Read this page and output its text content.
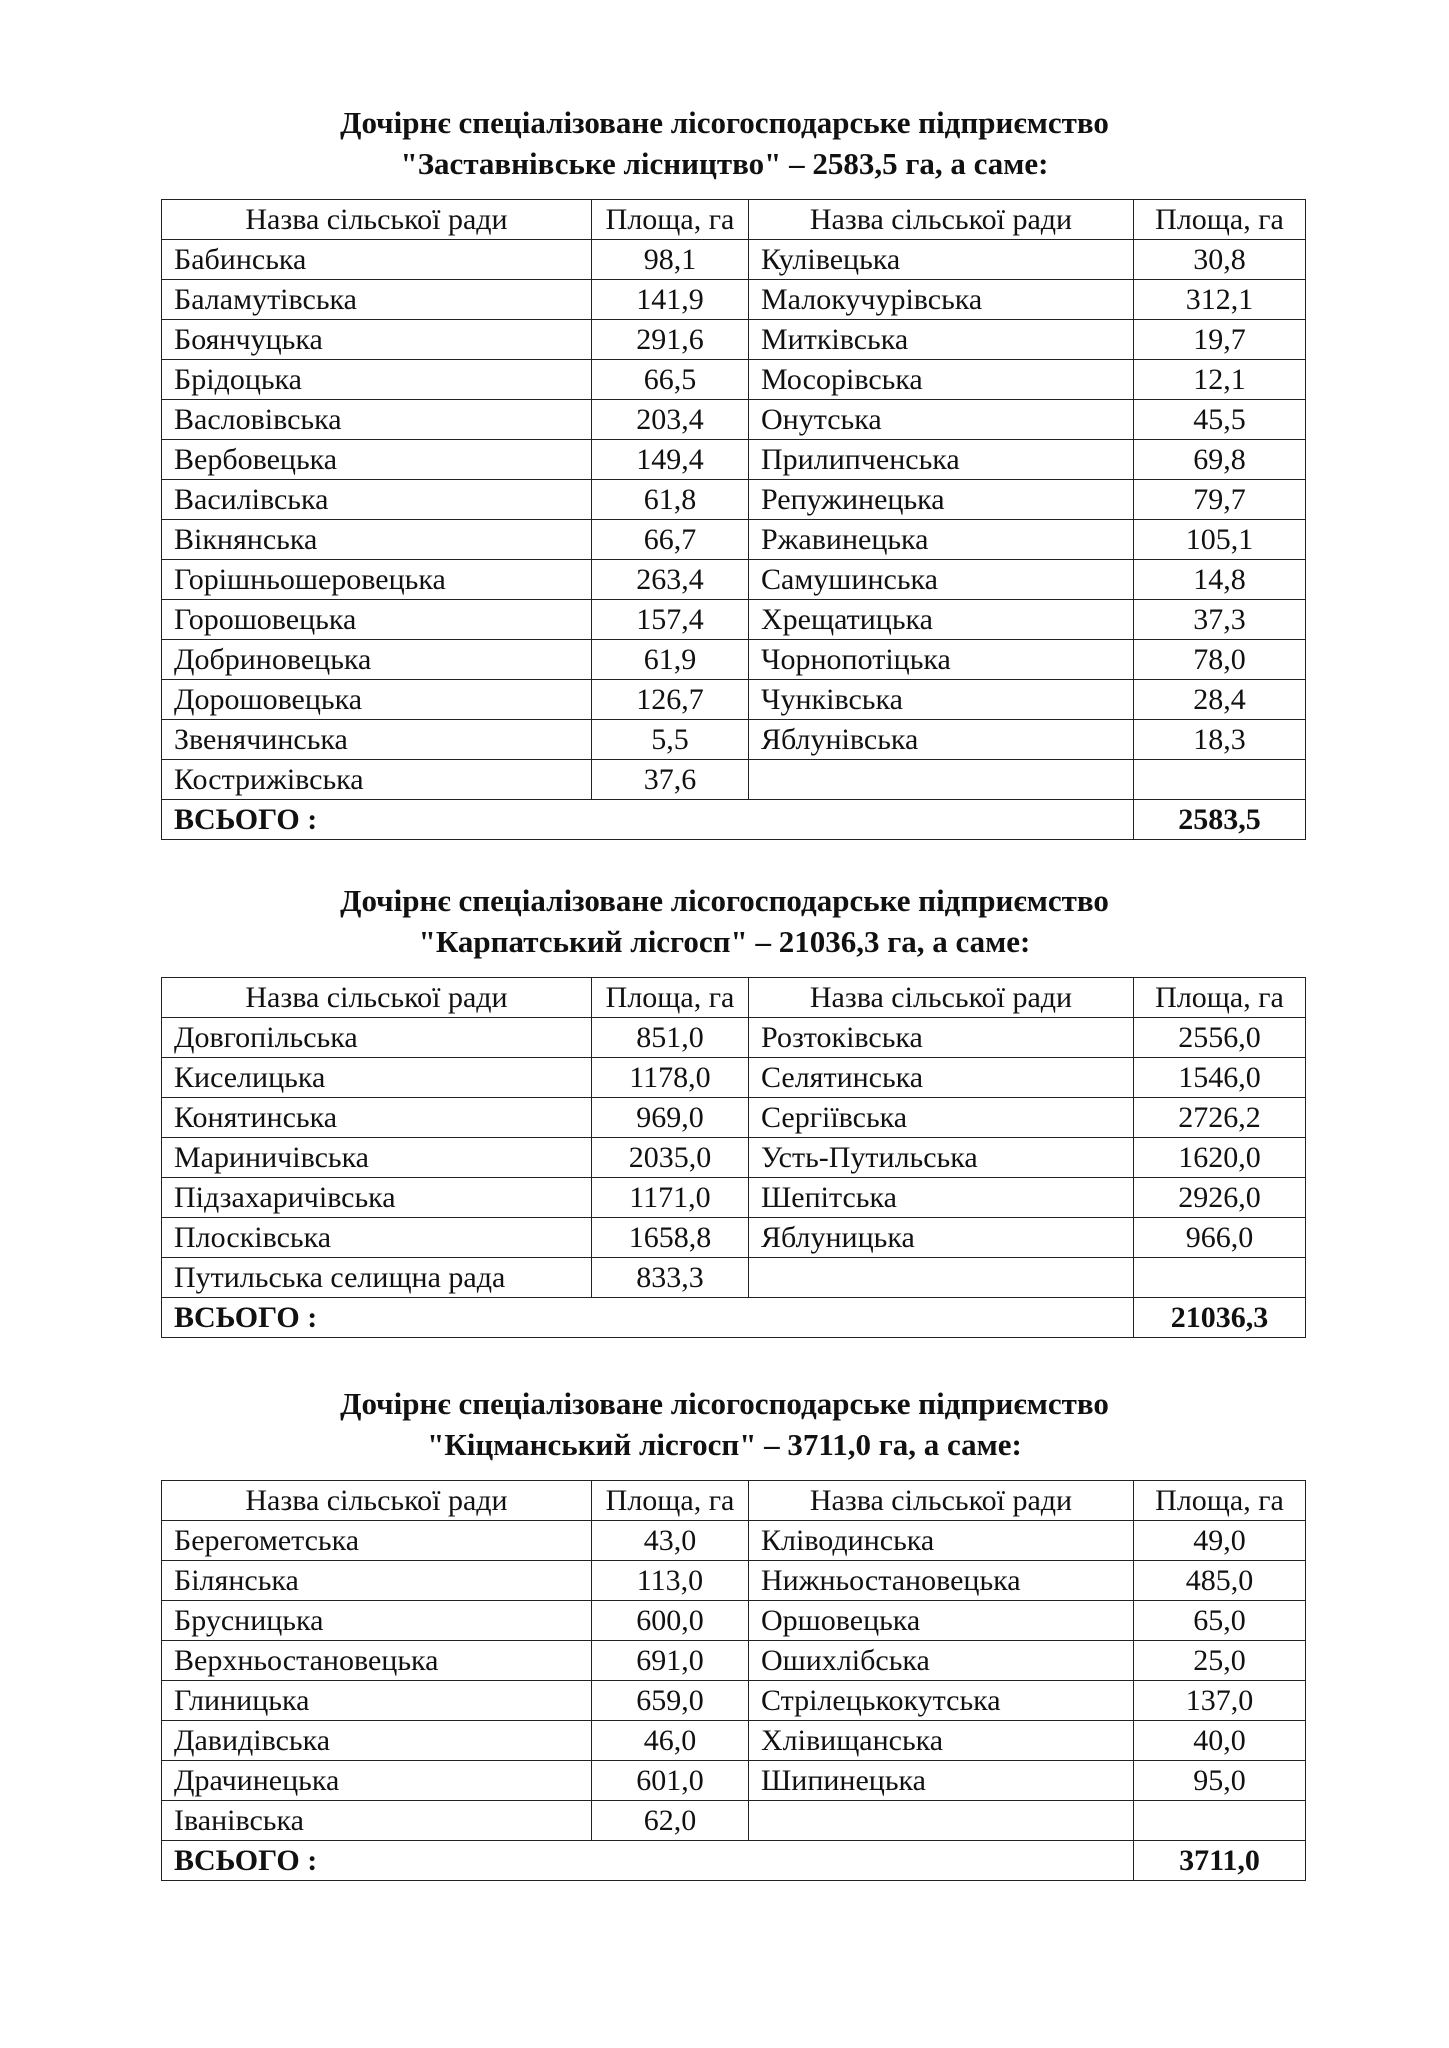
Дочірнє спеціалізоване лісогосподарське підприємство
"Заставнівське лісництво" – 2583,5 га, а саме:
Назва сільської ради	Площа, га	Назва сільської ради	Площа, га
Бабинська	98,1	Кулівецька	30,8
Баламутівська	141,9	Малокучурівська	312,1
Боянчуцька	291,6	Митківська	19,7
Брідоцька	66,5	Мосорівська	12,1
Васловівська	203,4	Онутська	45,5
Вербовецька	149,4	Прилипченська	69,8
Василівська	61,8	Репужинецька	79,7
Вікнянська	66,7	Ржавинецька	105,1
Горішньошеровецька	263,4	Самушинська	14,8
Горошовецька	157,4	Хрещатицька	37,3
Добриновецька	61,9	Чорнопотіцька	78,0
Дорошовецька	126,7	Чунківська	28,4
Звенячинська	5,5	Яблунівська	18,3
Кострижівська	37,6		
ВСЬОГО :			2583,5
Дочірнє спеціалізоване лісогосподарське підприємство
"Карпатський лісгосп" – 21036,3 га, а саме:
Назва сільської ради	Площа, га	Назва сільської ради	Площа, га
Довгопільська	851,0	Розтоківська	2556,0
Киселицька	1178,0	Селятинська	1546,0
Конятинська	969,0	Сергіївська	2726,2
Мариничівська	2035,0	Усть-Путильська	1620,0
Підзахаричівська	1171,0	Шепітська	2926,0
Плосківська	1658,8	Яблуницька	966,0
Путильська селищна рада	833,3		
ВСЬОГО :			21036,3
Дочірнє спеціалізоване лісогосподарське підприємство
"Кіцманський лісгосп" – 3711,0 га, а саме:
Назва сільської ради	Площа, га	Назва сільської ради	Площа, га
Берегометська	43,0	Кліводинська	49,0
Білянська	113,0	Нижньостановецька	485,0
Брусницька	600,0	Оршовецька	65,0
Верхньостановецька	691,0	Ошихлібська	25,0
Глиницька	659,0	Стрілецькокутська	137,0
Давидівська	46,0	Хлівищанська	40,0
Драчинецька	601,0	Шипинецька	95,0
Іванівська	62,0		
ВСЬОГО :			3711,0
